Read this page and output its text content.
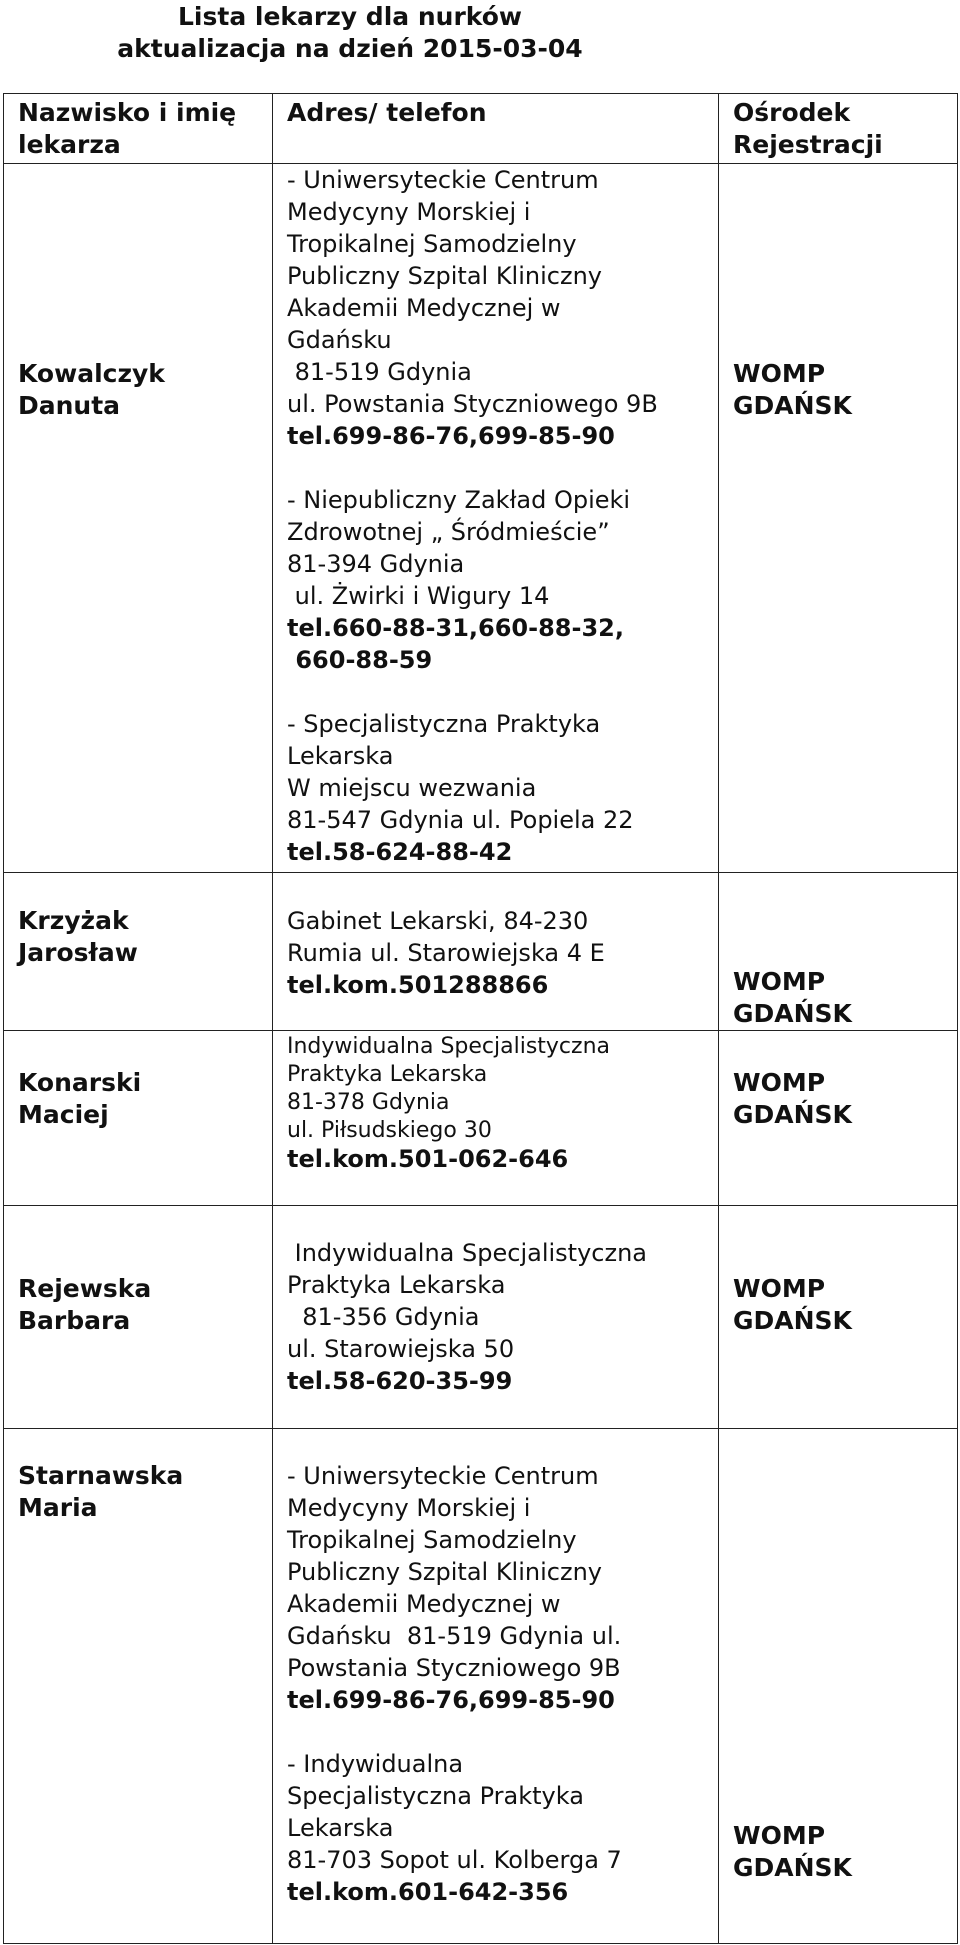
Lista lekarzy dla nurków
aktualizacja na dzień 2015-03-04
Nazwisko i imię
lekarza
Adres/ telefon	Ośrodek
Rejestracji
Kowalczyk
Danuta
- Uniwersyteckie Centrum
Medycyny Morskiej i
Tropikalnej Samodzielny
Publiczny Szpital Kliniczny
Akademii Medycznej w
Gdańsku
81-519 Gdynia
ul. Powstania Styczniowego 9B
tel.699-86-76,699-85-90
- Niepubliczny Zakład Opieki
Zdrowotnej „ Śródmieście”
81-394 Gdynia
ul. Żwirki i Wigury 14
tel.660-88-31,660-88-32,
660-88-59
- Specjalistyczna Praktyka
Lekarska
W miejscu wezwania
81-547 Gdynia ul. Popiela 22
tel.58-624-88-42
WOMP
GDAŃSK
Krzyżak
Jarosław
Gabinet Lekarski, 84-230
Rumia ul. Starowiejska 4 E
tel.kom.501288866	WOMP
GDAŃSK
Konarski
Maciej
Indywidualna Specjalistyczna
Praktyka Lekarska
81-378 Gdynia
ul. Piłsudskiego 30
tel.kom.501-062-646
WOMP
GDAŃSK
Rejewska
Barbara
Indywidualna Specjalistyczna
Praktyka Lekarska
81-356 Gdynia
ul. Starowiejska 50
tel.58-620-35-99
WOMP
GDAŃSK
Starnawska
Maria
- Uniwersyteckie Centrum
Medycyny Morskiej i
Tropikalnej Samodzielny
Publiczny Szpital Kliniczny
Akademii Medycznej w
Gdańsku  81-519 Gdynia ul.
Powstania Styczniowego 9B
tel.699-86-76,699-85-90
- Indywidualna
Specjalistyczna Praktyka
Lekarska
81-703 Sopot ul. Kolberga 7
tel.kom.601-642-356
WOMP
GDAŃSK
